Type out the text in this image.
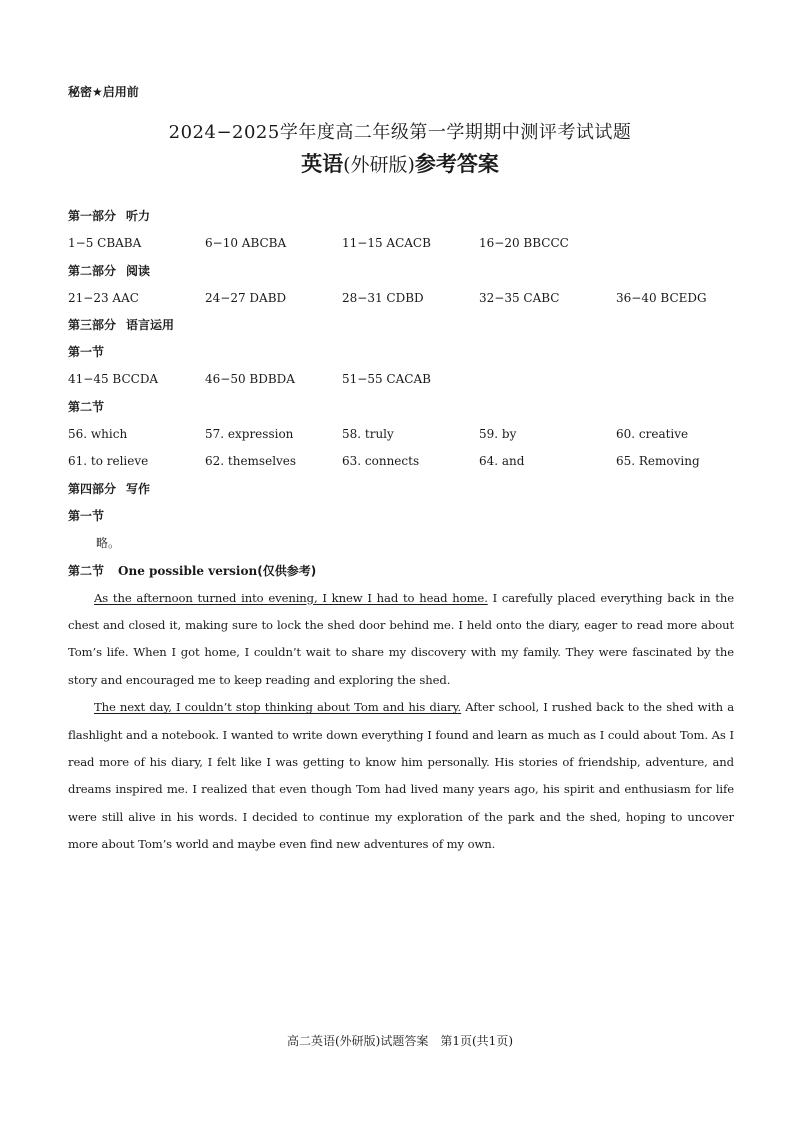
秘密★启用前
2024−2025学年度高二年级第一学期期中测评考试试题
英语(外研版)参考答案
第一部分 听力
1−5 CBABA	6−10 ABCBA	11−15 ACACB	16−20 BBCCC
第二部分 阅读
21−23 AAC	24−27 DABD	28−31 CDBD	32−35 CABC	36−40 BCEDG
第三部分 语言运用
第一节
41−45 BCCDA	46−50 BDBDA	51−55 CACAB
第二节
56. which	57. expression	58. truly	59. by	60. creative
61. to relieve	62. themselves	63. connects	64. and	65. Removing
第四部分 写作
第一节
略。
第二节 One possible version(仅供参考)

As the afternoon turned into evening, I knew I had to head home. I carefully placed everything back in the chest and closed it, making sure to lock the shed door behind me. I held onto the diary, eager to read more about Tom’s life. When I got home, I couldn’t wait to share my discovery with my family. They were fascinated by the story and encouraged me to keep reading and exploring the shed.

The next day, I couldn’t stop thinking about Tom and his diary. After school, I rushed back to the shed with a flashlight and a notebook. I wanted to write down everything I found and learn as much as I could about Tom. As I read more of his diary, I felt like I was getting to know him personally. His stories of friendship, adventure, and dreams inspired me. I realized that even though Tom had lived many years ago, his spirit and enthusiasm for life were still alive in his words. I decided to continue my exploration of the park and the shed, hoping to uncover more about Tom’s world and maybe even find new adventures of my own.

高二英语(外研版)试题答案　第1页(共1页)
